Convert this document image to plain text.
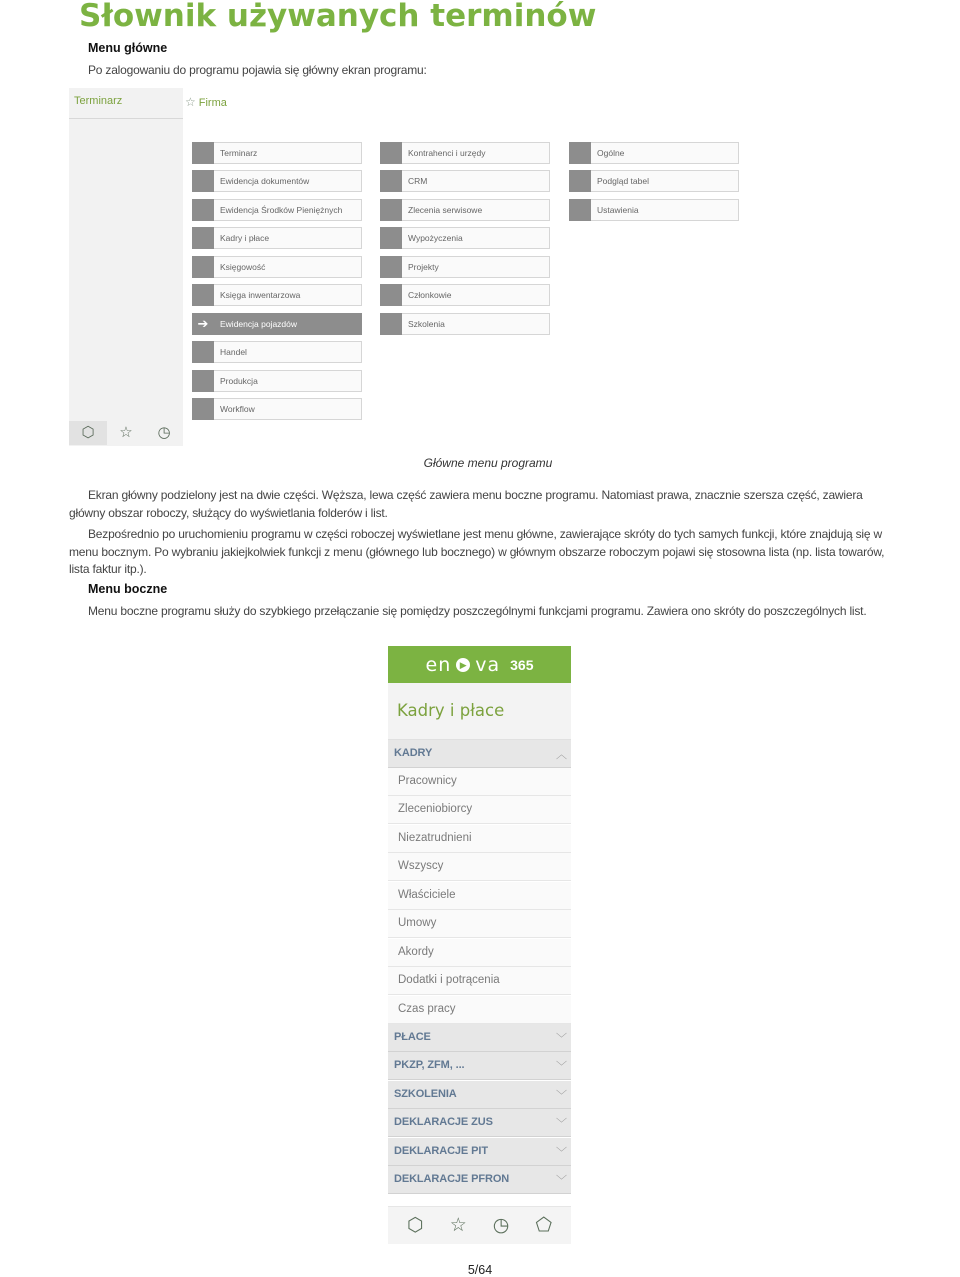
Słownik używanych terminów
Menu główne
Po zalogowaniu do programu pojawia się główny ekran programu:
Terminarz	☆ Firma
⬡	☆	◷
Terminarz
Ewidencja dokumentów
Ewidencja Środków Pieniężnych
Kadry i płace
Księgowość
Księga inwentarzowa
➔	Ewidencja pojazdów
Handel
Produkcja
Workflow
Kontrahenci i urzędy
CRM
Zlecenia serwisowe
Wypożyczenia
Projekty
Członkowie
Szkolenia
Ogólne
Podgląd tabel
Ustawienia
Główne menu programu
Ekran główny podzielony jest na dwie części. Węższa, lewa część zawiera menu boczne programu. Natomiast prawa, znacznie szersza część, zawiera główny obszar roboczy, służący do wyświetlania folderów i list.
Bezpośrednio po uruchomieniu programu w części roboczej wyświetlane jest menu główne, zawierające skróty do tych samych funkcji, które znajdują się w menu bocznym. Po wybraniu jakiejkolwiek funkcji z menu (głównego lub bocznego) w głównym obszarze roboczym pojawi się stosowna lista (np. lista towarów, lista faktur itp.).
Menu boczne
Menu boczne programu służy do szybkiego przełączanie się pomiędzy poszczególnymi funkcjami programu. Zawiera ono skróty do poszczególnych list.
en ▶ va 365
Kadry i płace
KADRY	︿
Pracownicy
Zleceniobiorcy
Niezatrudnieni
Wszyscy
Właściciele
Umowy
Akordy
Dodatki i potrącenia
Czas pracy
PŁACE	﹀
PKZP, ZFM, ...	﹀
SZKOLENIA	﹀
DEKLARACJE ZUS	﹀
DEKLARACJE PIT	﹀
DEKLARACJE PFRON	﹀
⬡ ☆ ◷ ⬠
5/64
